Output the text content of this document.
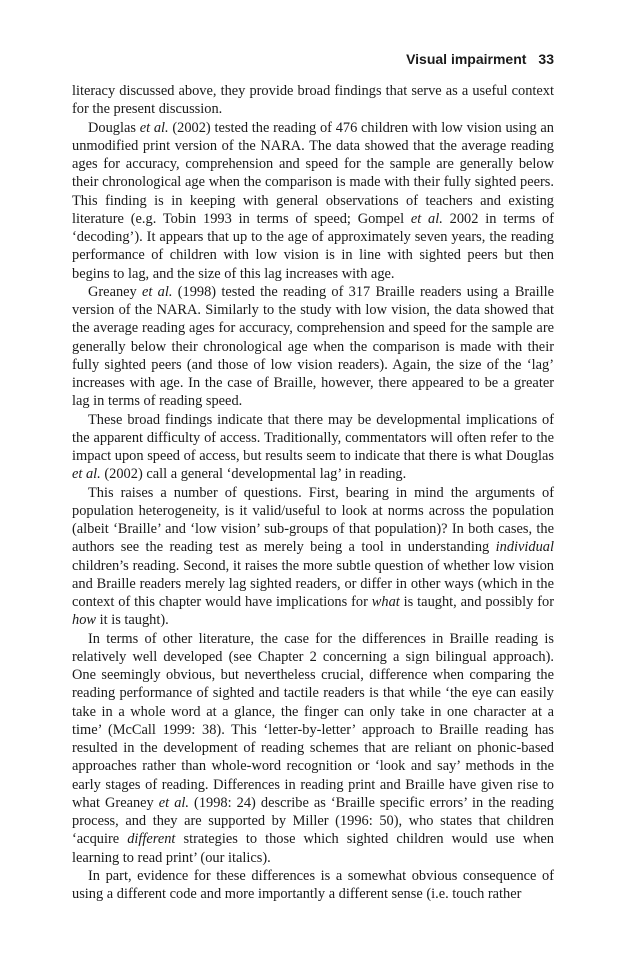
Visual impairment 33

literacy discussed above, they provide broad findings that serve as a useful context for the present discussion.

Douglas et al. (2002) tested the reading of 476 children with low vision using an unmodified print version of the NARA. The data showed that the average reading ages for accuracy, comprehension and speed for the sample are generally below their chronological age when the comparison is made with their fully sighted peers. This finding is in keeping with general observations of teachers and existing literature (e.g. Tobin 1993 in terms of speed; Gompel et al. 2002 in terms of ‘decoding’). It appears that up to the age of approximately seven years, the reading performance of children with low vision is in line with sighted peers but then begins to lag, and the size of this lag increases with age.

Greaney et al. (1998) tested the reading of 317 Braille readers using a Braille version of the NARA. Similarly to the study with low vision, the data showed that the average reading ages for accuracy, comprehension and speed for the sample are generally below their chronological age when the comparison is made with their fully sighted peers (and those of low vision readers). Again, the size of the ‘lag’ increases with age. In the case of Braille, however, there appeared to be a greater lag in terms of reading speed.

These broad findings indicate that there may be developmental implications of the apparent difficulty of access. Traditionally, commentators will often refer to the impact upon speed of access, but results seem to indicate that there is what Douglas et al. (2002) call a general ‘developmental lag’ in reading.

This raises a number of questions. First, bearing in mind the arguments of population heterogeneity, is it valid/useful to look at norms across the population (albeit ‘Braille’ and ‘low vision’ sub-groups of that population)? In both cases, the authors see the reading test as merely being a tool in understanding individual children’s reading. Second, it raises the more subtle question of whether low vision and Braille readers merely lag sighted readers, or differ in other ways (which in the context of this chapter would have implications for what is taught, and possibly for how it is taught).

In terms of other literature, the case for the differences in Braille reading is relatively well developed (see Chapter 2 concerning a sign bilingual approach). One seemingly obvious, but nevertheless crucial, difference when comparing the reading performance of sighted and tactile readers is that while ‘the eye can easily take in a whole word at a glance, the finger can only take in one character at a time’ (McCall 1999: 38). This ‘letter-by-letter’ approach to Braille reading has resulted in the development of reading schemes that are reliant on phonic-based approaches rather than whole-word recognition or ‘look and say’ methods in the early stages of reading. Differences in reading print and Braille have given rise to what Greaney et al. (1998: 24) describe as ‘Braille specific errors’ in the reading process, and they are supported by Miller (1996: 50), who states that children ‘acquire different strategies to those which sighted children would use when learning to read print’ (our italics).

In part, evidence for these differences is a somewhat obvious consequence of using a different code and more importantly a different sense (i.e. touch rather
